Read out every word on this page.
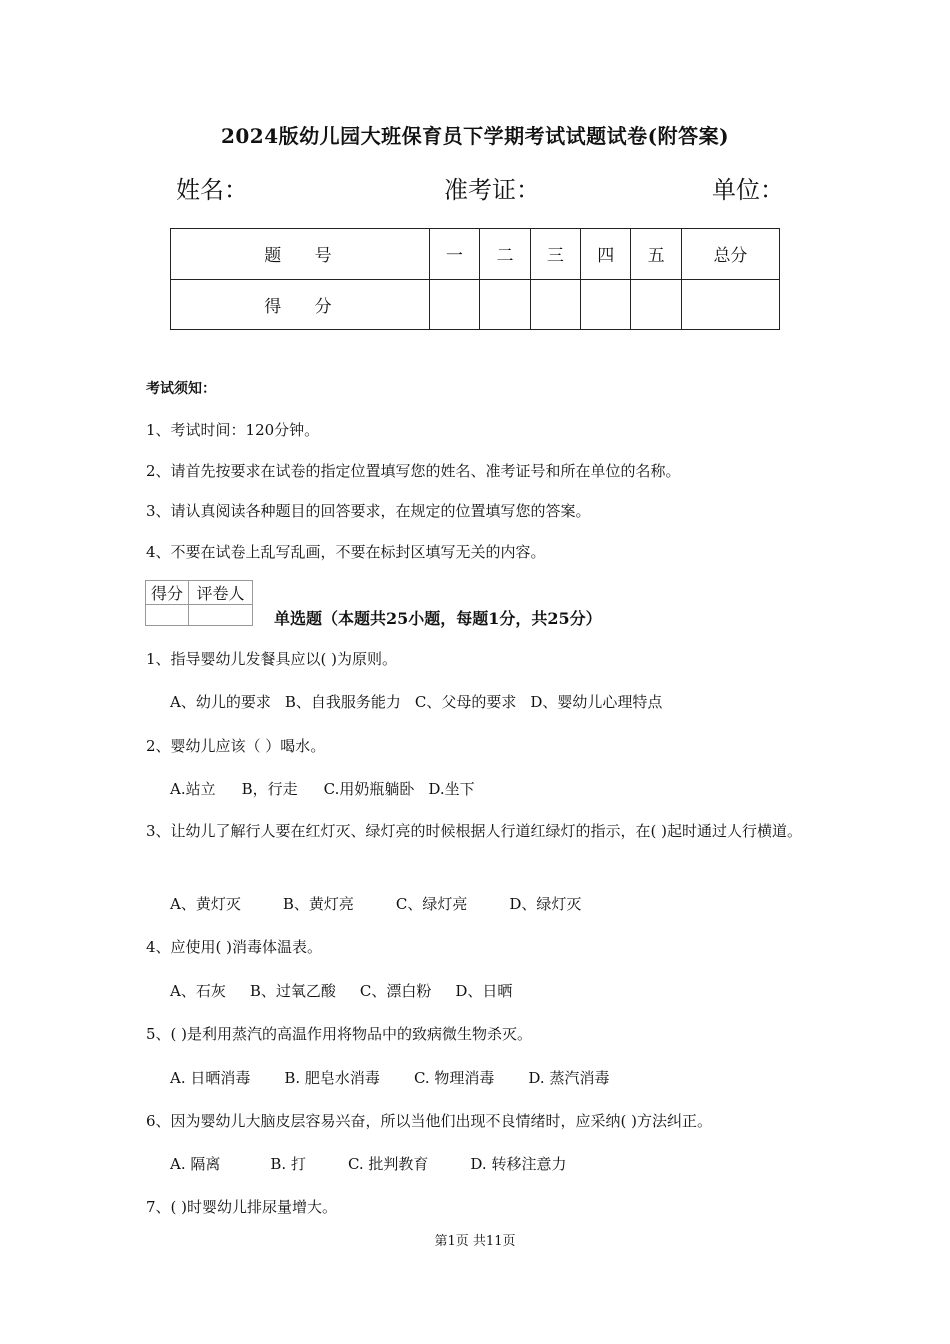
2024版幼儿园大班保育员下学期考试试题试卷(附答案)
姓名：	准考证：	单位：
题 号	一	二	三	四	五	总分
得 分						
考试须知：
1、考试时间：120分钟。
2、请首先按要求在试卷的指定位置填写您的姓名、准考证号和所在单位的名称。
3、请认真阅读各种题目的回答要求，在规定的位置填写您的答案。
4、不要在试卷上乱写乱画，不要在标封区填写无关的内容。
得分	评卷人

单选题（本题共25小题，每题1分，共25分）
1、指导婴幼儿发餐具应以( )为原则。
A、幼儿的要求 B、自我服务能力 C、父母的要求 D、婴幼儿心理特点
2、婴幼儿应该（ ）喝水。
A.站立 B，行走 C.用奶瓶躺卧 D.坐下
3、让幼儿了解行人要在红灯灭、绿灯亮的时候根据人行道红绿灯的指示，在( )起时通过人行横道。
A、黄灯灭	B、黄灯亮	C、绿灯亮	D、绿灯灭
4、应使用( )消毒体温表。
A、石灰 B、过氧乙酸 C、漂白粉 D、日晒
5、( )是利用蒸汽的高温作用将物品中的致病微生物杀灭。
A. 日晒消毒 B. 肥皂水消毒 C. 物理消毒 D. 蒸汽消毒
6、因为婴幼儿大脑皮层容易兴奋，所以当他们出现不良情绪时，应采纳( )方法纠正。
A. 隔离	B. 打	C. 批判教育	D. 转移注意力
7、( )时婴幼儿排尿量增大。
第1页 共11页
